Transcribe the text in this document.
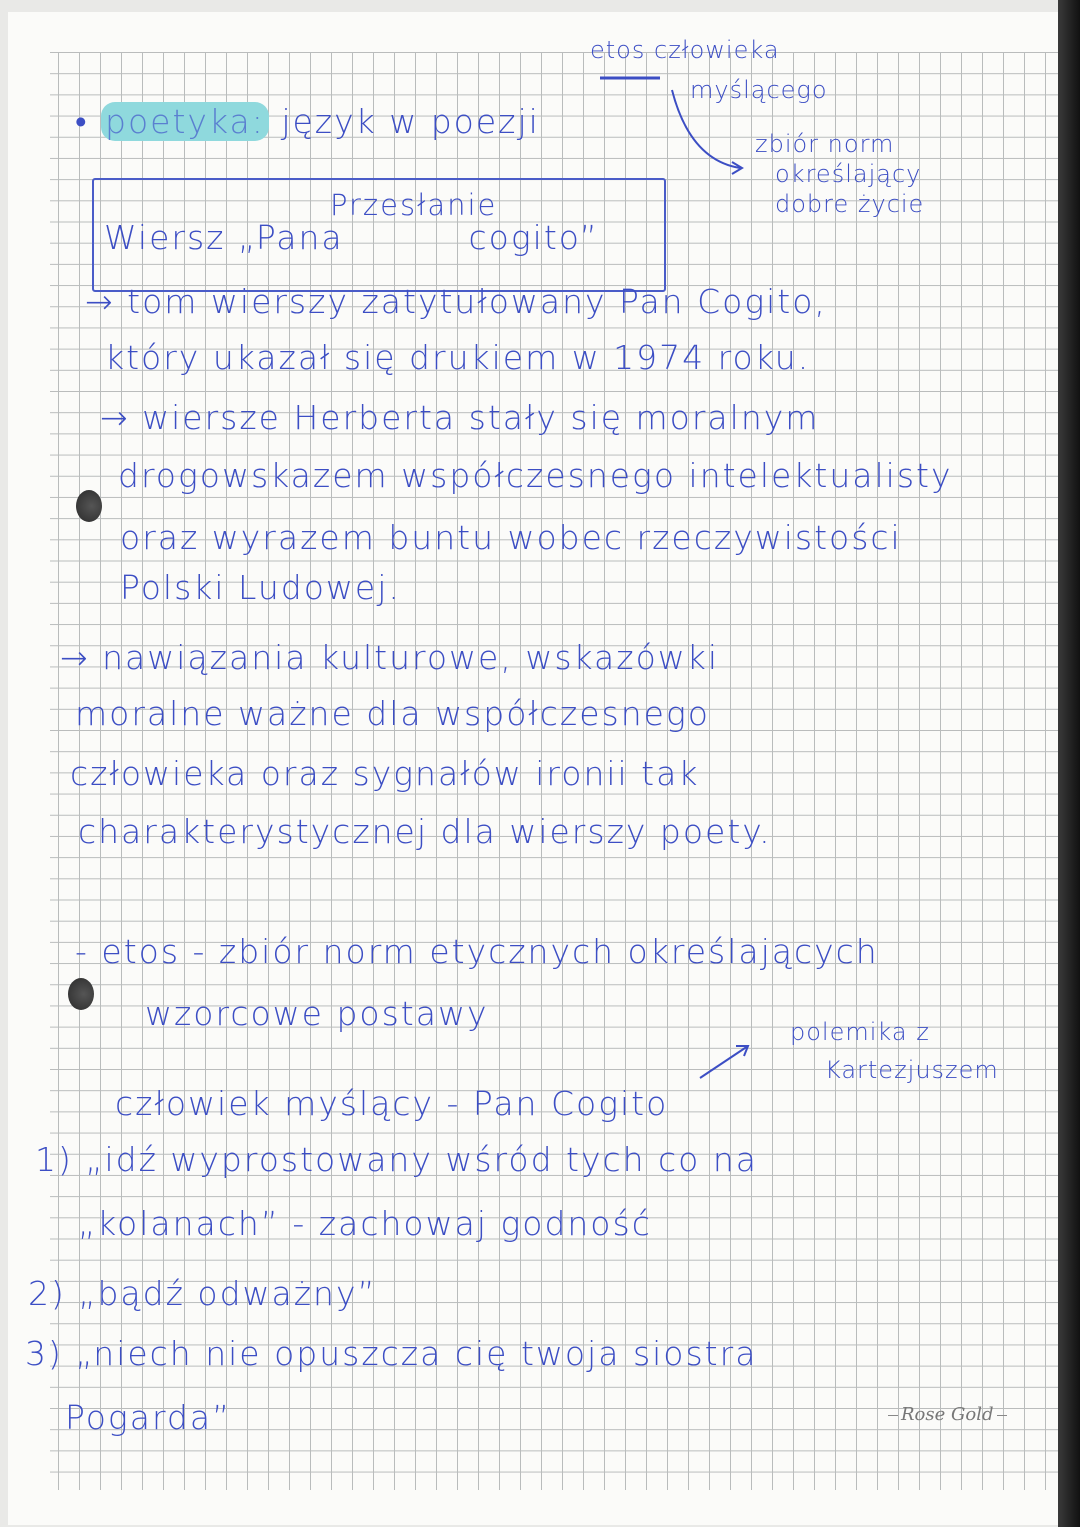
etos człowieka
myślącego
zbiór norm
określający
dobre życie
• poetyka: język w poezji
Przesłanie
Wiersz „Pana          cogito”
→ tom wierszy zatytułowany Pan Cogito,
który ukazał się drukiem w 1974 roku.
→ wiersze Herberta stały się moralnym
drogowskazem współczesnego intelektualisty
oraz wyrazem buntu wobec rzeczywistości
Polski Ludowej.
→ nawiązania kulturowe, wskazówki
moralne ważne dla współczesnego
człowieka oraz sygnałów ironii tak
charakterystycznej dla wierszy poety.
- etos - zbiór norm etycznych określających
wzorcowe postawy	polemika z
Kartezjuszem
człowiek myślący - Pan Cogito
1) „idź wyprostowany wśród tych co na
„kolanach” - zachowaj godność
2) „bądź odważny”
3) „niech nie opuszcza cię twoja siostra
Pogarda”	Rose Gold
